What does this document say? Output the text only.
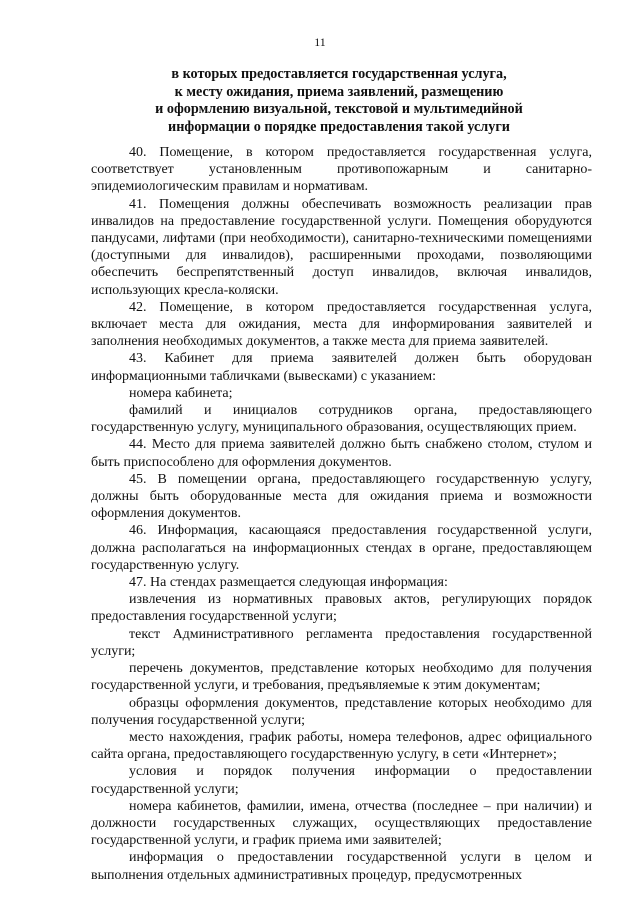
11
в которых предоставляется государственная услуга,
к месту ожидания, приема заявлений, размещению
и оформлению визуальной, текстовой и мультимедийной
информации о порядке предоставления такой услуги

40. Помещение, в котором предоставляется государственная услуга, соответствует установленным противопожарным и санитарно-эпидемиологическим правилам и нормативам.

41. Помещения должны обеспечивать возможность реализации прав инвалидов на предоставление государственной услуги. Помещения оборудуются пандусами, лифтами (при необходимости), санитарно-техническими помещениями (доступными для инвалидов), расширенными проходами, позволяющими обеспечить беспрепятственный доступ инвалидов, включая инвалидов, использующих кресла-коляски.

42. Помещение, в котором предоставляется государственная услуга, включает места для ожидания, места для информирования заявителей и заполнения необходимых документов, а также места для приема заявителей.

43. Кабинет для приема заявителей должен быть оборудован информационными табличками (вывесками) с указанием:

номера кабинета;

фамилий и инициалов сотрудников органа, предоставляющего государственную услугу, муниципального образования, осуществляющих прием.

44. Место для приема заявителей должно быть снабжено столом, стулом и быть приспособлено для оформления документов.

45. В помещении органа, предоставляющего государственную услугу, должны быть оборудованные места для ожидания приема и возможности оформления документов.

46. Информация, касающаяся предоставления государственной услуги, должна располагаться на информационных стендах в органе, предоставляющем государственную услугу.

47. На стендах размещается следующая информация:

извлечения из нормативных правовых актов, регулирующих порядок предоставления государственной услуги;

текст Административного регламента предоставления государственной услуги;

перечень документов, представление которых необходимо для получения государственной услуги, и требования, предъявляемые к этим документам;

образцы оформления документов, представление которых необходимо для получения государственной услуги;

место нахождения, график работы, номера телефонов, адрес официального сайта органа, предоставляющего государственную услугу, в сети «Интернет»;

условия и порядок получения информации о предоставлении государственной услуги;

номера кабинетов, фамилии, имена, отчества (последнее – при наличии) и должности государственных служащих, осуществляющих предоставление государственной услуги, и график приема ими заявителей;

информация о предоставлении государственной услуги в целом и выполнения отдельных административных процедур, предусмотренных
